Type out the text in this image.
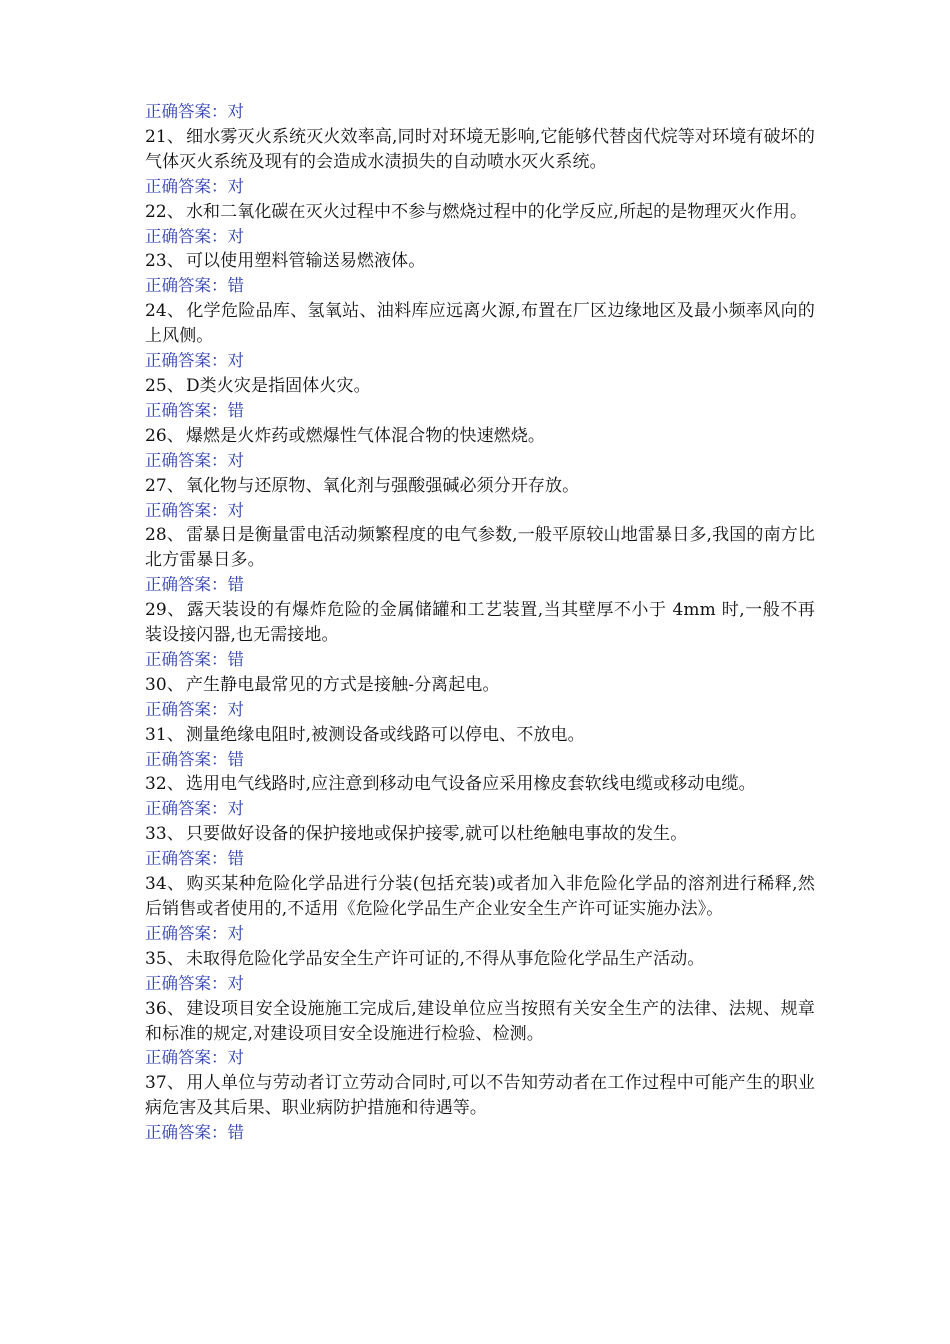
正确答案：对
21、 细水雾灭火系统灭火效率高,同时对环境无影响,它能够代替卤代烷等对环境有破坏的气体灭火系统及现有的会造成水渍损失的自动喷水灭火系统。
正确答案：对
22、 水和二氧化碳在灭火过程中不参与燃烧过程中的化学反应,所起的是物理灭火作用。
正确答案：对
23、 可以使用塑料管输送易燃液体。
正确答案：错
24、 化学危险品库、氢氧站、油料库应远离火源,布置在厂区边缘地区及最小频率风向的上风侧。
正确答案：对
25、 D类火灾是指固体火灾。
正确答案：错
26、 爆燃是火炸药或燃爆性气体混合物的快速燃烧。
正确答案：对
27、 氧化物与还原物、氧化剂与强酸强碱必须分开存放。
正确答案：对
28、 雷暴日是衡量雷电活动频繁程度的电气参数,一般平原较山地雷暴日多,我国的南方比北方雷暴日多。
正确答案：错
29、 露天装设的有爆炸危险的金属储罐和工艺装置,当其壁厚不小于 4mm 时,一般不再装设接闪器,也无需接地。
正确答案：错
30、 产生静电最常见的方式是接触-分离起电。
正确答案：对
31、 测量绝缘电阻时,被测设备或线路可以停电、不放电。
正确答案：错
32、 选用电气线路时,应注意到移动电气设备应采用橡皮套软线电缆或移动电缆。
正确答案：对
33、 只要做好设备的保护接地或保护接零,就可以杜绝触电事故的发生。
正确答案：错
34、 购买某种危险化学品进行分装(包括充装)或者加入非危险化学品的溶剂进行稀释,然后销售或者使用的,不适用《危险化学品生产企业安全生产许可证实施办法》。
正确答案：对
35、 未取得危险化学品安全生产许可证的,不得从事危险化学品生产活动。
正确答案：对
36、 建设项目安全设施施工完成后,建设单位应当按照有关安全生产的法律、法规、规章和标准的规定,对建设项目安全设施进行检验、检测。
正确答案：对
37、 用人单位与劳动者订立劳动合同时,可以不告知劳动者在工作过程中可能产生的职业病危害及其后果、职业病防护措施和待遇等。
正确答案：错
